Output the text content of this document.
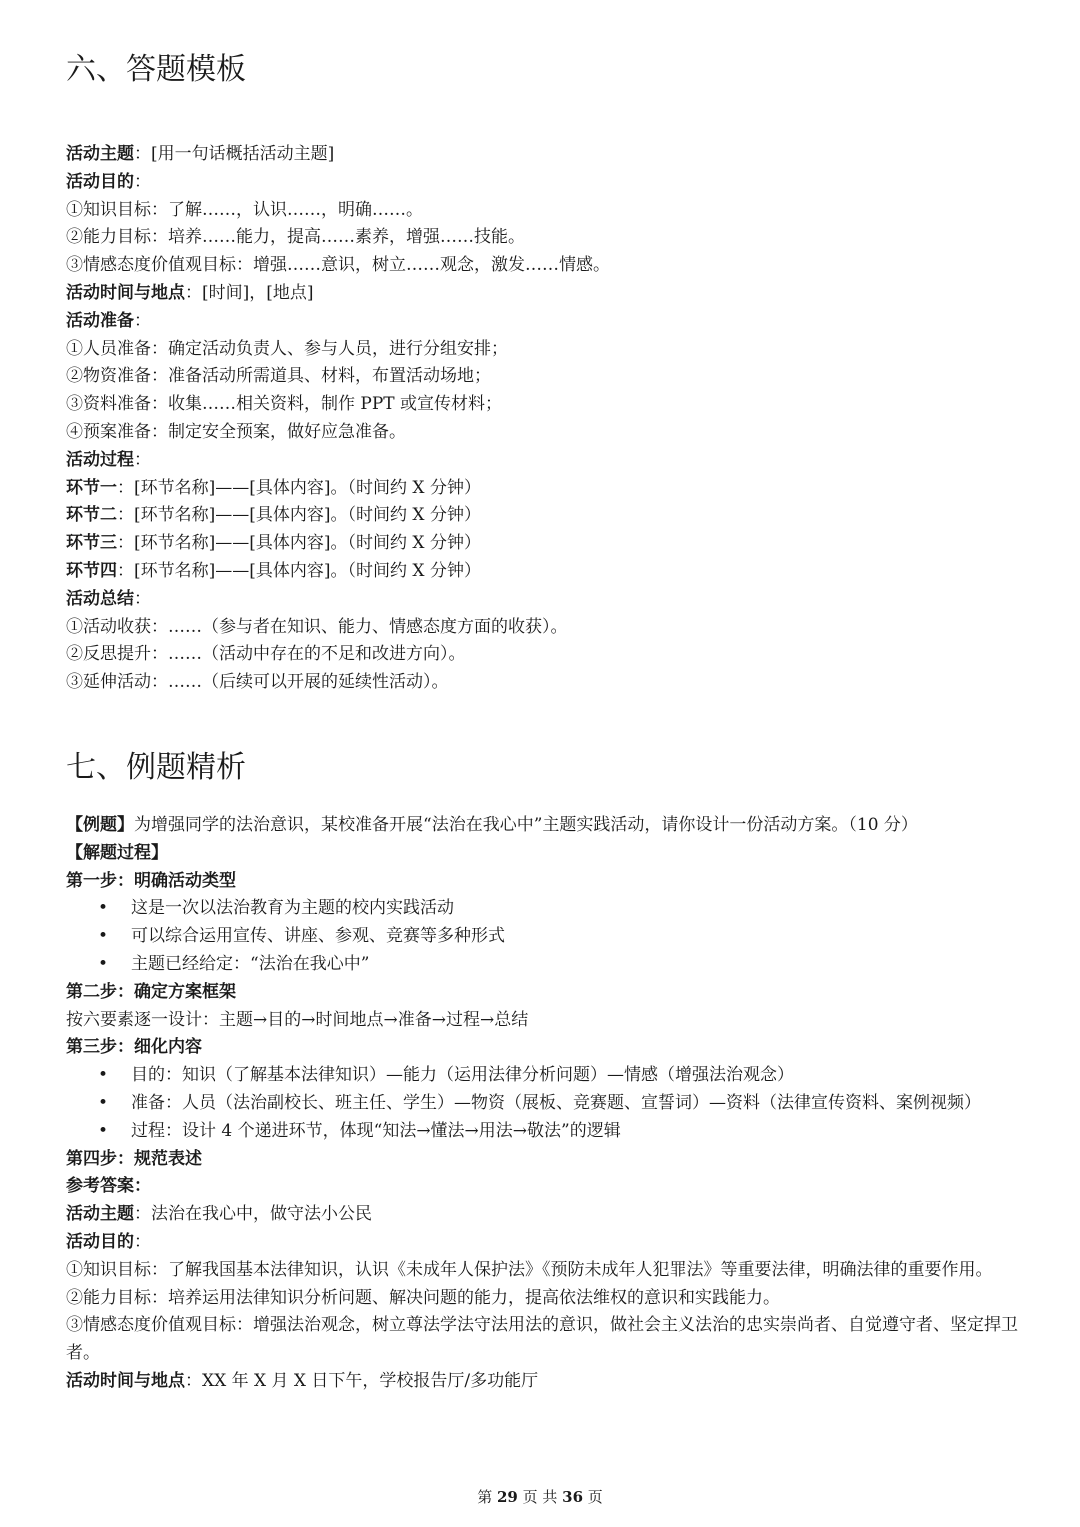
六、答题模板
活动主题：[用一句话概括活动主题]
活动目的：
①知识目标：了解……，认识……，明确……。
②能力目标：培养……能力，提高……素养，增强……技能。
③情感态度价值观目标：增强……意识，树立……观念，激发……情感。
活动时间与地点：[时间]，[地点]
活动准备：
①人员准备：确定活动负责人、参与人员，进行分组安排；
②物资准备：准备活动所需道具、材料，布置活动场地；
③资料准备：收集……相关资料，制作 PPT 或宣传材料；
④预案准备：制定安全预案，做好应急准备。
活动过程：
环节一：[环节名称]——[具体内容]。（时间约 X 分钟）
环节二：[环节名称]——[具体内容]。（时间约 X 分钟）
环节三：[环节名称]——[具体内容]。（时间约 X 分钟）
环节四：[环节名称]——[具体内容]。（时间约 X 分钟）
活动总结：
①活动收获：……（参与者在知识、能力、情感态度方面的收获）。
②反思提升：……（活动中存在的不足和改进方向）。
③延伸活动：……（后续可以开展的延续性活动）。
七、例题精析
【例题】为增强同学的法治意识，某校准备开展“法治在我心中”主题实践活动，请你设计一份活动方案。（10 分）
【解题过程】
第一步：明确活动类型
• 这是一次以法治教育为主题的校内实践活动
• 可以综合运用宣传、讲座、参观、竞赛等多种形式
• 主题已经给定：“法治在我心中”
第二步：确定方案框架
按六要素逐一设计：主题→目的→时间地点→准备→过程→总结
第三步：细化内容
• 目的：知识（了解基本法律知识）—能力（运用法律分析问题）—情感（增强法治观念）
• 准备：人员（法治副校长、班主任、学生）—物资（展板、竞赛题、宣誓词）—资料（法律宣传资料、案例视频）
• 过程：设计 4 个递进环节，体现“知法→懂法→用法→敬法”的逻辑
第四步：规范表述
参考答案：
活动主题：法治在我心中，做守法小公民
活动目的：
①知识目标：了解我国基本法律知识，认识《未成年人保护法》《预防未成年人犯罪法》等重要法律，明确法律的重要作用。
②能力目标：培养运用法律知识分析问题、解决问题的能力，提高依法维权的意识和实践能力。
③情感态度价值观目标：增强法治观念，树立尊法学法守法用法的意识，做社会主义法治的忠实崇尚者、自觉遵守者、坚定捍卫者。
活动时间与地点：XX 年 X 月 X 日下午，学校报告厅/多功能厅
第 29 页 共 36 页
